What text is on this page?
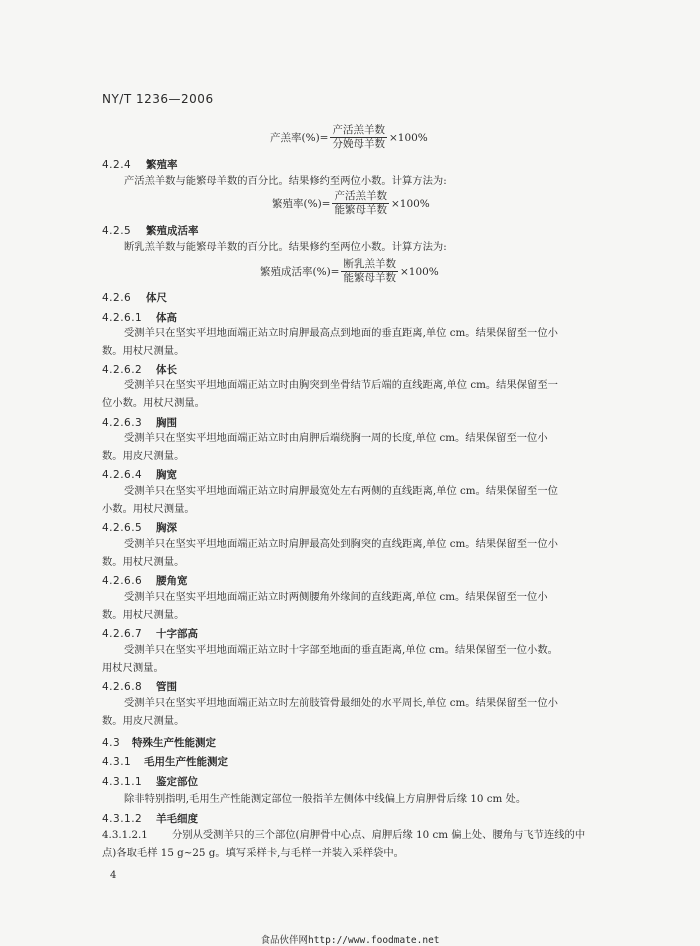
NY/T 1236—2006
产羔率(%)= $\frac{\text{产活羔羊数}}{\text{分娩母羊数}} \times 100\%$
4.2.4 繁殖率
产活羔羊数与能繁母羊数的百分比。结果修约至两位小数。计算方法为:
繁殖率(%)= $\frac{\text{产活羔羊数}}{\text{能繁母羊数}} \times 100\%$
4.2.5 繁殖成活率
断乳羔羊数与能繁母羊数的百分比。结果修约至两位小数。计算方法为:
繁殖成活率(%)= $\frac{\text{断乳羔羊数}}{\text{能繁母羊数}} \times 100\%$
4.2.6 体尺
4.2.6.1 体高
受测羊只在坚实平坦地面端正站立时肩胛最高点到地面的垂直距离,单位 cm。结果保留至一位小
数。用杖尺测量。
4.2.6.2 体长
受测羊只在坚实平坦地面端正站立时由胸突到坐骨结节后端的直线距离,单位 cm。结果保留至一
位小数。用杖尺测量。
4.2.6.3 胸围
受测羊只在坚实平坦地面端正站立时由肩胛后端绕胸一周的长度,单位 cm。结果保留至一位小
数。用皮尺测量。
4.2.6.4 胸宽
受测羊只在坚实平坦地面端正站立时肩胛最宽处左右两侧的直线距离,单位 cm。结果保留至一位
小数。用杖尺测量。
4.2.6.5 胸深
受测羊只在坚实平坦地面端正站立时肩胛最高处到胸突的直线距离,单位 cm。结果保留至一位小
数。用杖尺测量。
4.2.6.6 腰角宽
受测羊只在坚实平坦地面端正站立时两侧腰角外缘间的直线距离,单位 cm。结果保留至一位小
数。用杖尺测量。
4.2.6.7 十字部高
受测羊只在坚实平坦地面端正站立时十字部至地面的垂直距离,单位 cm。结果保留至一位小数。
用杖尺测量。
4.2.6.8 管围
受测羊只在坚实平坦地面端正站立时左前肢管骨最细处的水平周长,单位 cm。结果保留至一位小
数。用皮尺测量。
4.3 特殊生产性能测定
4.3.1 毛用生产性能测定
4.3.1.1 鉴定部位
除非特别指明,毛用生产性能测定部位一般指羊左侧体中线偏上方肩胛骨后缘 10 cm 处。
4.3.1.2 羊毛细度
4.3.1.2.1 分别从受测羊只的三个部位(肩胛骨中心点、肩胛后缘 10 cm 偏上处、腰角与飞节连线的中
点)各取毛样 15 g~25 g。填写采样卡,与毛样一并装入采样袋中。
4
食品伙伴网http://www.foodmate.net
